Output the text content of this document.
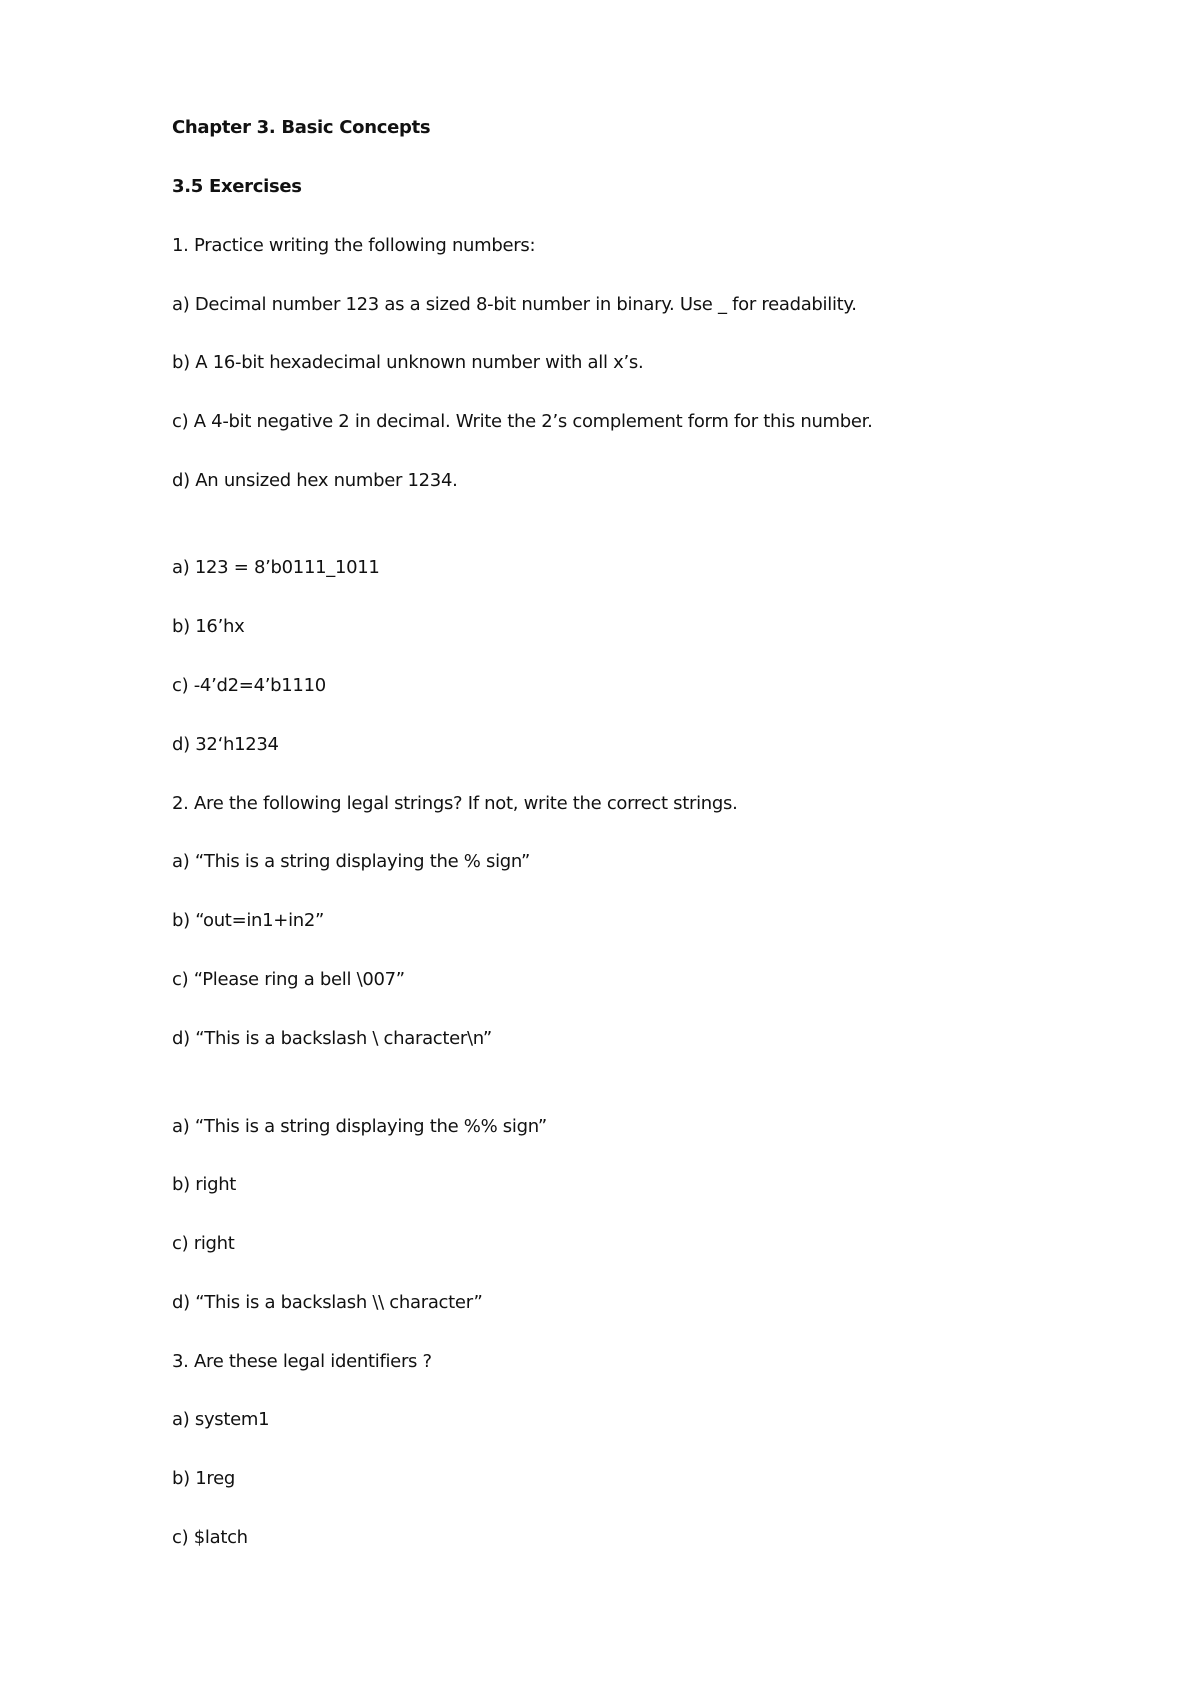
Chapter 3. Basic Concepts
3.5 Exercises
1. Practice writing the following numbers:
a) Decimal number 123 as a sized 8-bit number in binary. Use _ for readability.
b) A 16-bit hexadecimal unknown number with all x’s.
c) A 4-bit negative 2 in decimal. Write the 2’s complement form for this number.
d) An unsized hex number 1234.
a) 123 = 8’b0111_1011
b) 16’hx
c) -4’d2=4’b1110
d) 32‘h1234
2. Are the following legal strings? If not, write the correct strings.
a) “This is a string displaying the % sign”
b) “out=in1+in2”
c) “Please ring a bell \007”
d) “This is a backslash \ character\n”
a) “This is a string displaying the %% sign”
b) right
c) right
d) “This is a backslash \\ character”
3. Are these legal identifiers ?
a) system1
b) 1reg
c) $latch
